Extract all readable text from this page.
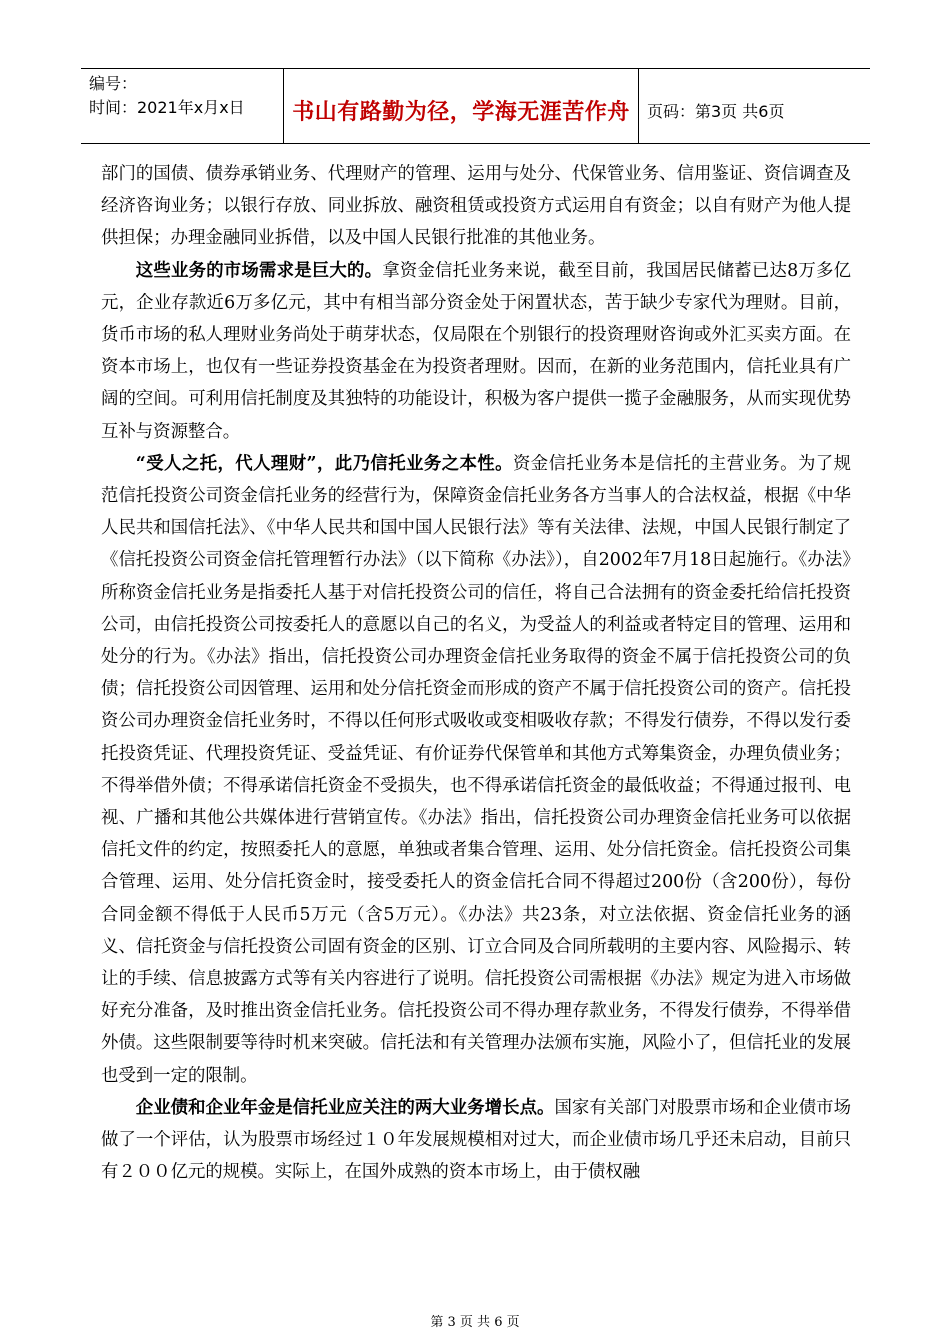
编号：
时间：2021年x月x日	书山有路勤为径，学海无涯苦作舟 页码：第3页 共6页

部门的国债、债券承销业务、代理财产的管理、运用与处分、代保管业务、信用鉴证、资信调查及经济咨询业务；以银行存放、同业拆放、融资租赁或投资方式运用自有资金；以自有财产为他人提供担保；办理金融同业拆借，以及中国人民银行批准的其他业务。

这些业务的市场需求是巨大的。拿资金信托业务来说，截至目前，我国居民储蓄已达8万多亿元，企业存款近6万多亿元，其中有相当部分资金处于闲置状态，苦于缺少专家代为理财。目前，货币市场的私人理财业务尚处于萌芽状态，仅局限在个别银行的投资理财咨询或外汇买卖方面。在资本市场上，也仅有一些证券投资基金在为投资者理财。因而，在新的业务范围内，信托业具有广阔的空间。可利用信托制度及其独特的功能设计，积极为客户提供一揽子金融服务，从而实现优势互补与资源整合。

“受人之托，代人理财”，此乃信托业务之本性。资金信托业务本是信托的主营业务。为了规范信托投资公司资金信托业务的经营行为，保障资金信托业务各方当事人的合法权益，根据《中华人民共和国信托法》、《中华人民共和国中国人民银行法》等有关法律、法规，中国人民银行制定了《信托投资公司资金信托管理暂行办法》（以下简称《办法》），自2002年7月18日起施行。《办法》所称资金信托业务是指委托人基于对信托投资公司的信任，将自己合法拥有的资金委托给信托投资公司，由信托投资公司按委托人的意愿以自己的名义，为受益人的利益或者特定目的管理、运用和处分的行为。《办法》指出，信托投资公司办理资金信托业务取得的资金不属于信托投资公司的负债；信托投资公司因管理、运用和处分信托资金而形成的资产不属于信托投资公司的资产。信托投资公司办理资金信托业务时，不得以任何形式吸收或变相吸收存款；不得发行债券，不得以发行委托投资凭证、代理投资凭证、受益凭证、有价证券代保管单和其他方式筹集资金，办理负债业务；不得举借外债；不得承诺信托资金不受损失，也不得承诺信托资金的最低收益；不得通过报刊、电视、广播和其他公共媒体进行营销宣传。《办法》指出，信托投资公司办理资金信托业务可以依据信托文件的约定，按照委托人的意愿，单独或者集合管理、运用、处分信托资金。信托投资公司集合管理、运用、处分信托资金时，接受委托人的资金信托合同不得超过200份（含200份），每份合同金额不得低于人民币5万元（含5万元）。《办法》共23条，对立法依据、资金信托业务的涵义、信托资金与信托投资公司固有资金的区别、订立合同及合同所载明的主要内容、风险揭示、转让的手续、信息披露方式等有关内容进行了说明。信托投资公司需根据《办法》规定为进入市场做好充分准备，及时推出资金信托业务。信托投资公司不得办理存款业务，不得发行债券，不得举借外债。这些限制要等待时机来突破。信托法和有关管理办法颁布实施，风险小了，但信托业的发展也受到一定的限制。

企业债和企业年金是信托业应关注的两大业务增长点。国家有关部门对股票市场和企业债市场做了一个评估，认为股票市场经过１０年发展规模相对过大，而企业债市场几乎还未启动，目前只有２００亿元的规模。实际上，在国外成熟的资本市场上，由于债权融

第 3 页 共 6 页
